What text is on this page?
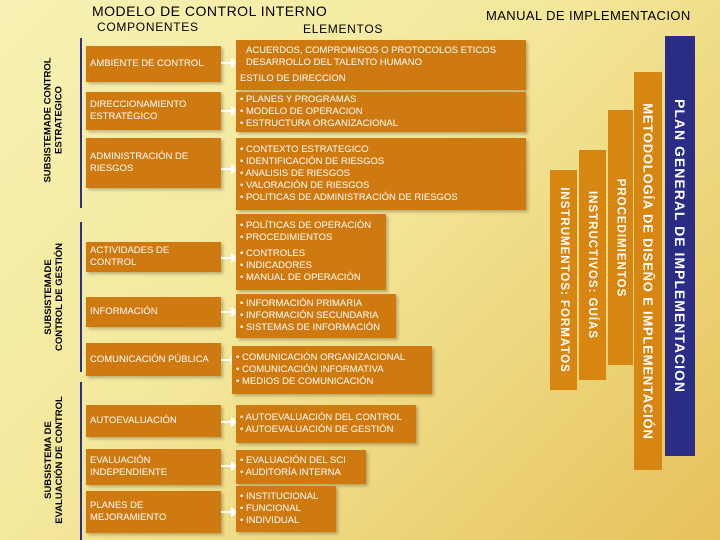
MODELO DE CONTROL INTERNO
COMPONENTES	ELEMENTOS
MANUAL DE IMPLEMENTACION
SUBSISTEMADE CONTROL
ESTRATEGICO
SUBSISTEMADE
CONTROL DE GESTIÓN
SUBSISTEMA DE
EVALUACIÓN DE CONTROL
AMBIENTE DE CONTROL
DIRECCIONAMIENTO ESTRATÉGICO
ADMINISTRACIÓN DE RIESGOS
ACTIVIDADES DE CONTROL
INFORMACIÓN
COMUNICACIÓN PÚBLICA
AUTOEVALUACIÓN
EVALUACIÓN INDEPENDIENTE
PLANES DE MEJORAMIENTO
ACUERDOS, COMPROMISOS O PROTOCOLOS ETICOS
DESARROLLO DEL TALENTO HUMANO
ESTILO DE DIRECCION
• PLANES Y PROGRAMAS
• MODELO DE OPERACION
• ESTRUCTURA ORGANIZACIONAL
• CONTEXTO ESTRATEGICO
• IDENTIFICACIÓN DE RIESGOS
• ANALISIS DE RIESGOS
• VALORACIÓN DE RIESGOS
• POLITICAS DE ADMINISTRACIÓN DE RIESGOS
• POLÍTICAS DE OPERACIÓN
• PROCEDIMIENTOS
• CONTROLES
• INDICADORES
• MANUAL DE OPERACIÓN
• INFORMACIÓN PRIMARIA
• INFORMACIÓN SECUNDARIA
• SISTEMAS DE INFORMACIÓN
• COMUNICACIÓN ORGANIZACIONAL
• COMUNICACIÓN INFORMATIVA
• MEDIOS DE COMUNICACIÓN
• AUTOEVALUACIÓN DEL CONTROL
• AUTOEVALUACIÓN DE GESTIÓN
• EVALUACIÓN DEL SCI
• AUDITORÍA INTERNA
• INSTITUCIONAL
• FUNCIONAL
• INDIVIDUAL
INSTRUMENTOS: FORMATOS INSTRUCTIVOS: GUÍAS PROCEDIMIENTOS METODOLOGÍA DE DISEÑO E IMPLEMENTACIÓN PLAN GENERAL DE IMPLEMENTACION
